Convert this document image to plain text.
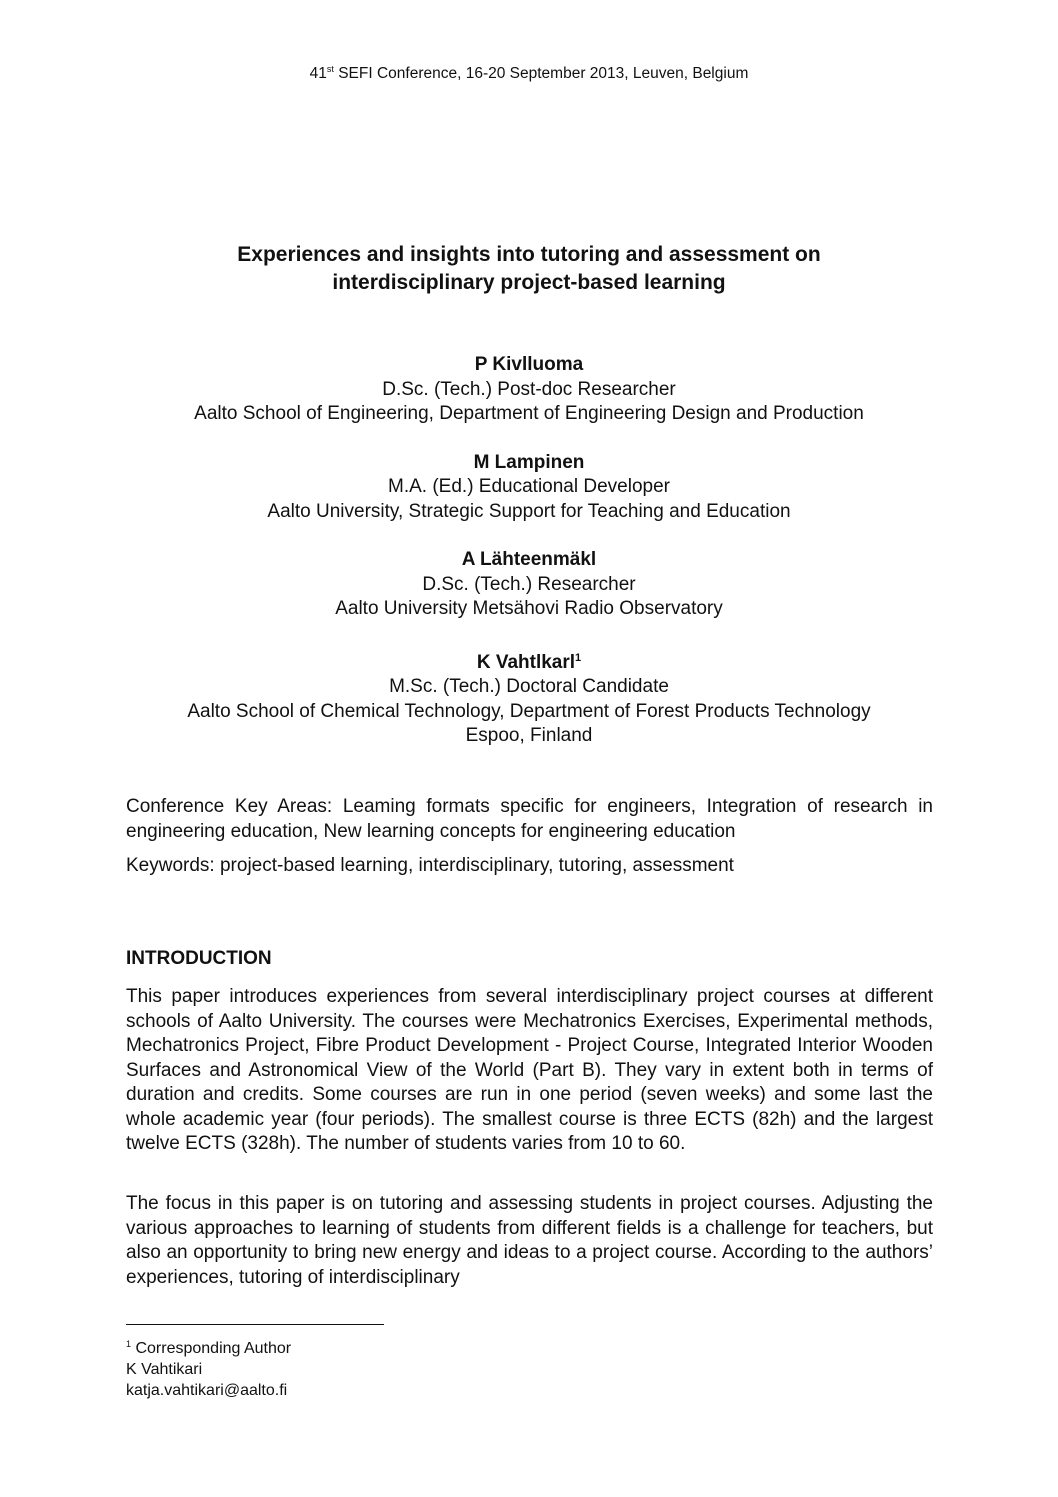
41st SEFI Conference, 16-20 September 2013, Leuven, Belgium
Experiences and insights into tutoring and assessment on
interdisciplinary project-based learning
P Kivlluoma
D.Sc. (Tech.) Post-doc Researcher
Aalto School of Engineering, Department of Engineering Design and Production
M Lampinen
M.A. (Ed.) Educational Developer
Aalto University, Strategic Support for Teaching and Education
A Lähteenmäkl
D.Sc. (Tech.) Researcher
Aalto University Metsähovi Radio Observatory
K Vahtlkarl$^1$
M.Sc. (Tech.) Doctoral Candidate
Aalto School of Chemical Technology, Department of Forest Products Technology
Espoo, Finland

Conference Key Areas: Leaming formats specific for engineers, Integration of research in engineering education, New learning concepts for engineering education

Keywords: project-based learning, interdisciplinary, tutoring, assessment

INTRODUCTION

This paper introduces experiences from several interdisciplinary project courses at different schools of Aalto University. The courses were Mechatronics Exercises, Experimental methods, Mechatronics Project, Fibre Product Development - Project Course, Integrated Interior Wooden Surfaces and Astronomical View of the World (Part B). They vary in extent both in terms of duration and credits. Some courses are run in one period (seven weeks) and some last the whole academic year (four periods). The smallest course is three ECTS (82h) and the largest twelve ECTS (328h). The number of students varies from 10 to 60.

The focus in this paper is on tutoring and assessing students in project courses. Adjusting the various approaches to learning of students from different fields is a challenge for teachers, but also an opportunity to bring new energy and ideas to a project course. According to the authors’ experiences, tutoring of interdisciplinary

$^1$ Corresponding Author
K Vahtikari
katja.vahtikari@aalto.fi
